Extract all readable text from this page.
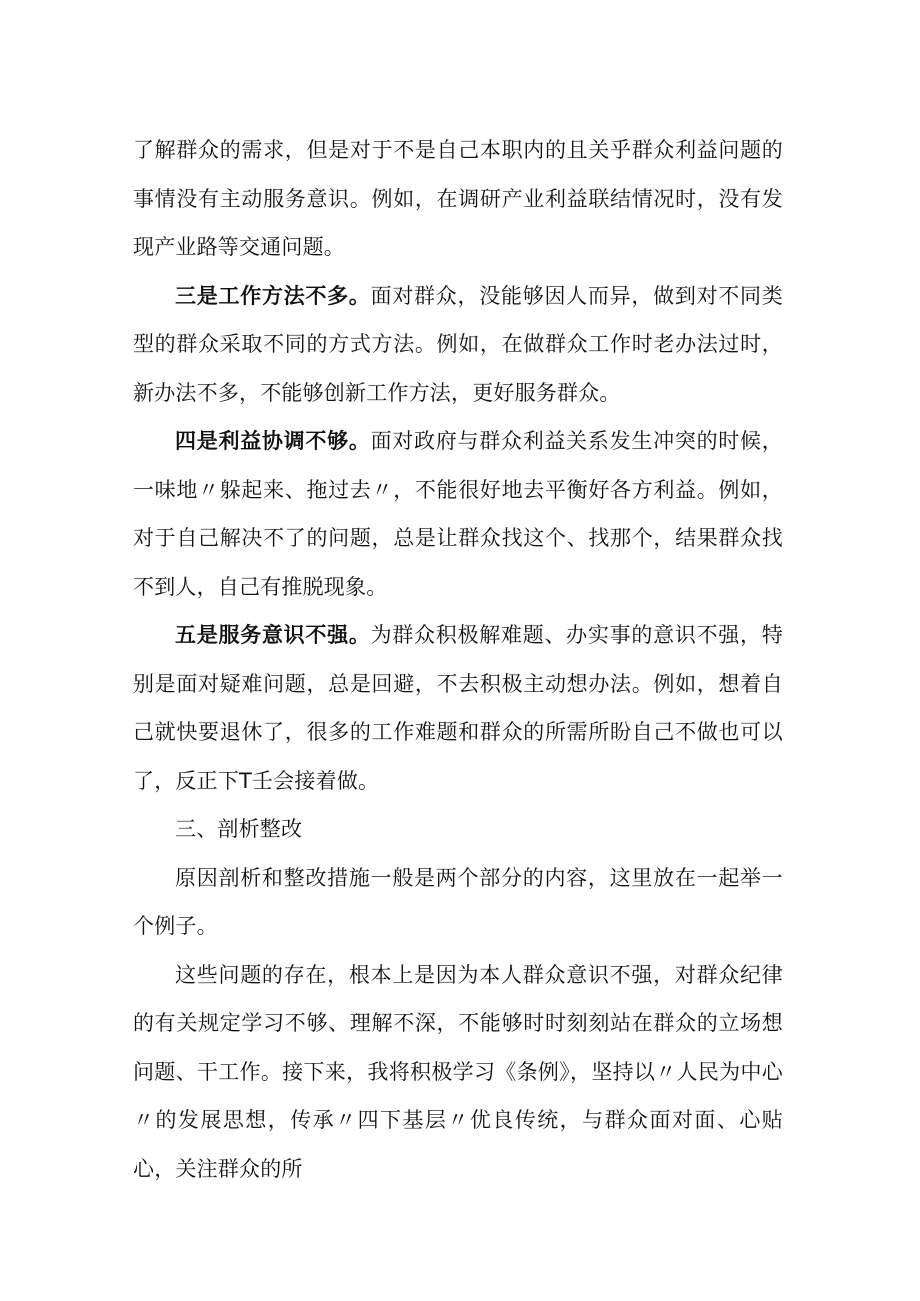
了解群众的需求，但是对于不是自己本职内的且关乎群众利益问题的事情没有主动服务意识。例如，在调研产业利益联结情况时，没有发现产业路等交通问题。

三是工作方法不多。面对群众，没能够因人而异，做到对不同类型的群众采取不同的方式方法。例如，在做群众工作时老办法过时，新办法不多，不能够创新工作方法，更好服务群众。

四是利益协调不够。面对政府与群众利益关系发生冲突的时候，一味地〃躲起来、拖过去〃，不能很好地去平衡好各方利益。例如，对于自己解决不了的问题，总是让群众找这个、找那个，结果群众找不到人，自己有推脱现象。

五是服务意识不强。为群众积极解难题、办实事的意识不强，特别是面对疑难问题，总是回避，不去积极主动想办法。例如，想着自己就快要退休了，很多的工作难题和群众的所需所盼自己不做也可以了，反正下T壬会接着做。

三、剖析整改

原因剖析和整改措施一般是两个部分的内容，这里放在一起举一个例子。

这些问题的存在，根本上是因为本人群众意识不强，对群众纪律的有关规定学习不够、理解不深，不能够时时刻刻站在群众的立场想问题、干工作。接下来，我将积极学习《条例》，坚持以〃人民为中心〃的发展思想，传承〃四下基层〃优良传统，与群众面对面、心贴心，关注群众的所
